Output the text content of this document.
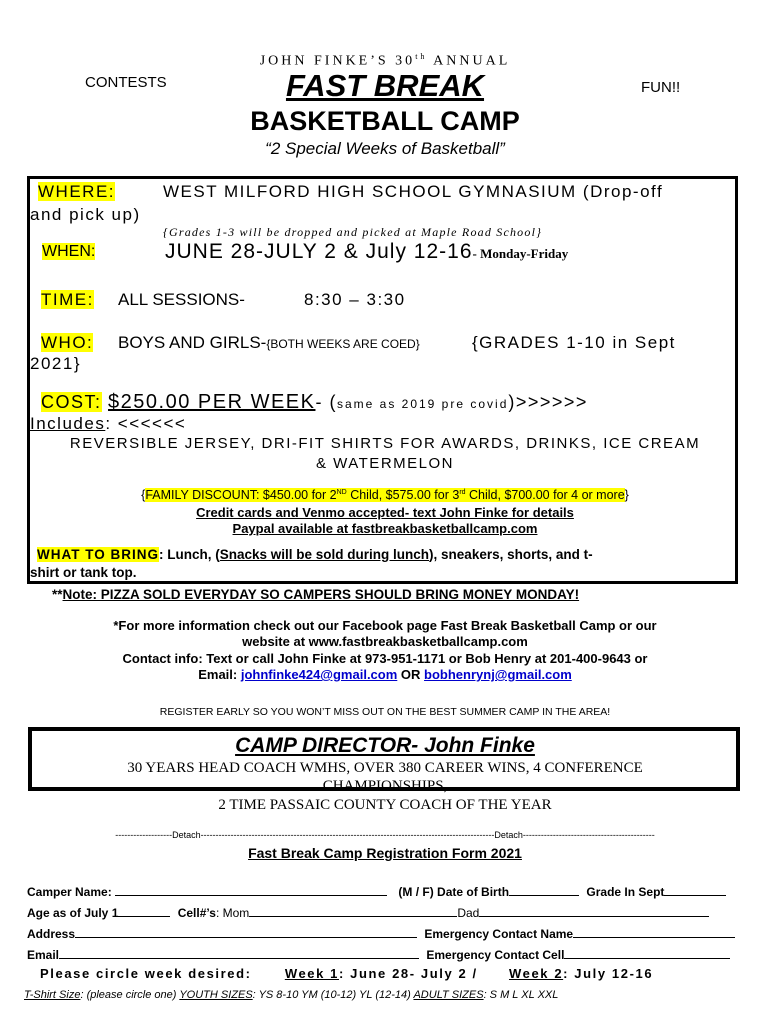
JOHN FINKE’S 30th ANNUAL
CONTESTS	FUN!!
FAST BREAK
BASKETBALL CAMP
“2 Special Weeks of Basketball”
WHERE:	WEST MILFORD HIGH SCHOOL GYMNASIUM (Drop-off
and pick up)
{Grades 1-3 will be dropped and picked at Maple Road School}
WHEN:	JUNE 28-JULY 2 & July 12-16- Monday-Friday
TIME: ALL SESSIONS-	8:30 – 3:30
WHO: BOYS AND GIRLS-{BOTH WEEKS ARE COED}	{GRADES 1-10 in Sept
2021}
COST: $250.00 PER WEEK- (same as 2019 pre covid)>>>>>>
Includes: <<<<<<
REVERSIBLE JERSEY, DRI-FIT SHIRTS FOR AWARDS, DRINKS, ICE CREAM
& WATERMELON
{FAMILY DISCOUNT: $450.00 for 2ND Child, $575.00 for 3rd Child, $700.00 for 4 or more}
Credit cards and Venmo accepted- text John Finke for details
Paypal available at fastbreakbasketballcamp.com
WHAT TO BRING: Lunch, (Snacks will be sold during lunch), sneakers, shorts, and t-
shirt or tank top.
**Note: PIZZA SOLD EVERYDAY SO CAMPERS SHOULD BRING MONEY MONDAY!
*For more information check out our Facebook page Fast Break Basketball Camp or our
website at www.fastbreakbasketballcamp.com
Contact info: Text or call John Finke at 973-951-1171 or Bob Henry at 201-400-9643 or
Email: johnfinke424@gmail.com OR bobhenrynj@gmail.com
REGISTER EARLY SO YOU WON’T MISS OUT ON THE BEST SUMMER CAMP IN THE AREA!
CAMP DIRECTOR- John Finke
30 YEARS HEAD COACH WMHS, OVER 380 CAREER WINS, 4 CONFERENCE
CHAMPIONSHIPS,
2 TIME PASSAIC COUNTY COACH OF THE YEAR
-------------------Detach--------------------------------------------------------------------------------------------------Detach--------------------------------------------
Fast Break Camp Registration Form 2021
Camper Name:	(M / F) Date of Birth	Grade In Sept
Age as of July 1	Cell#’s: Mom	Dad
Address	Emergency Contact Name
Email	Emergency Contact Cell
Please circle week desired:	Week 1: June 28- July 2 / Week 2: July 12-16
T-Shirt Size: (please circle one) YOUTH SIZES: YS 8-10 YM (10-12) YL (12-14) ADULT SIZES: S M L XL XXL
